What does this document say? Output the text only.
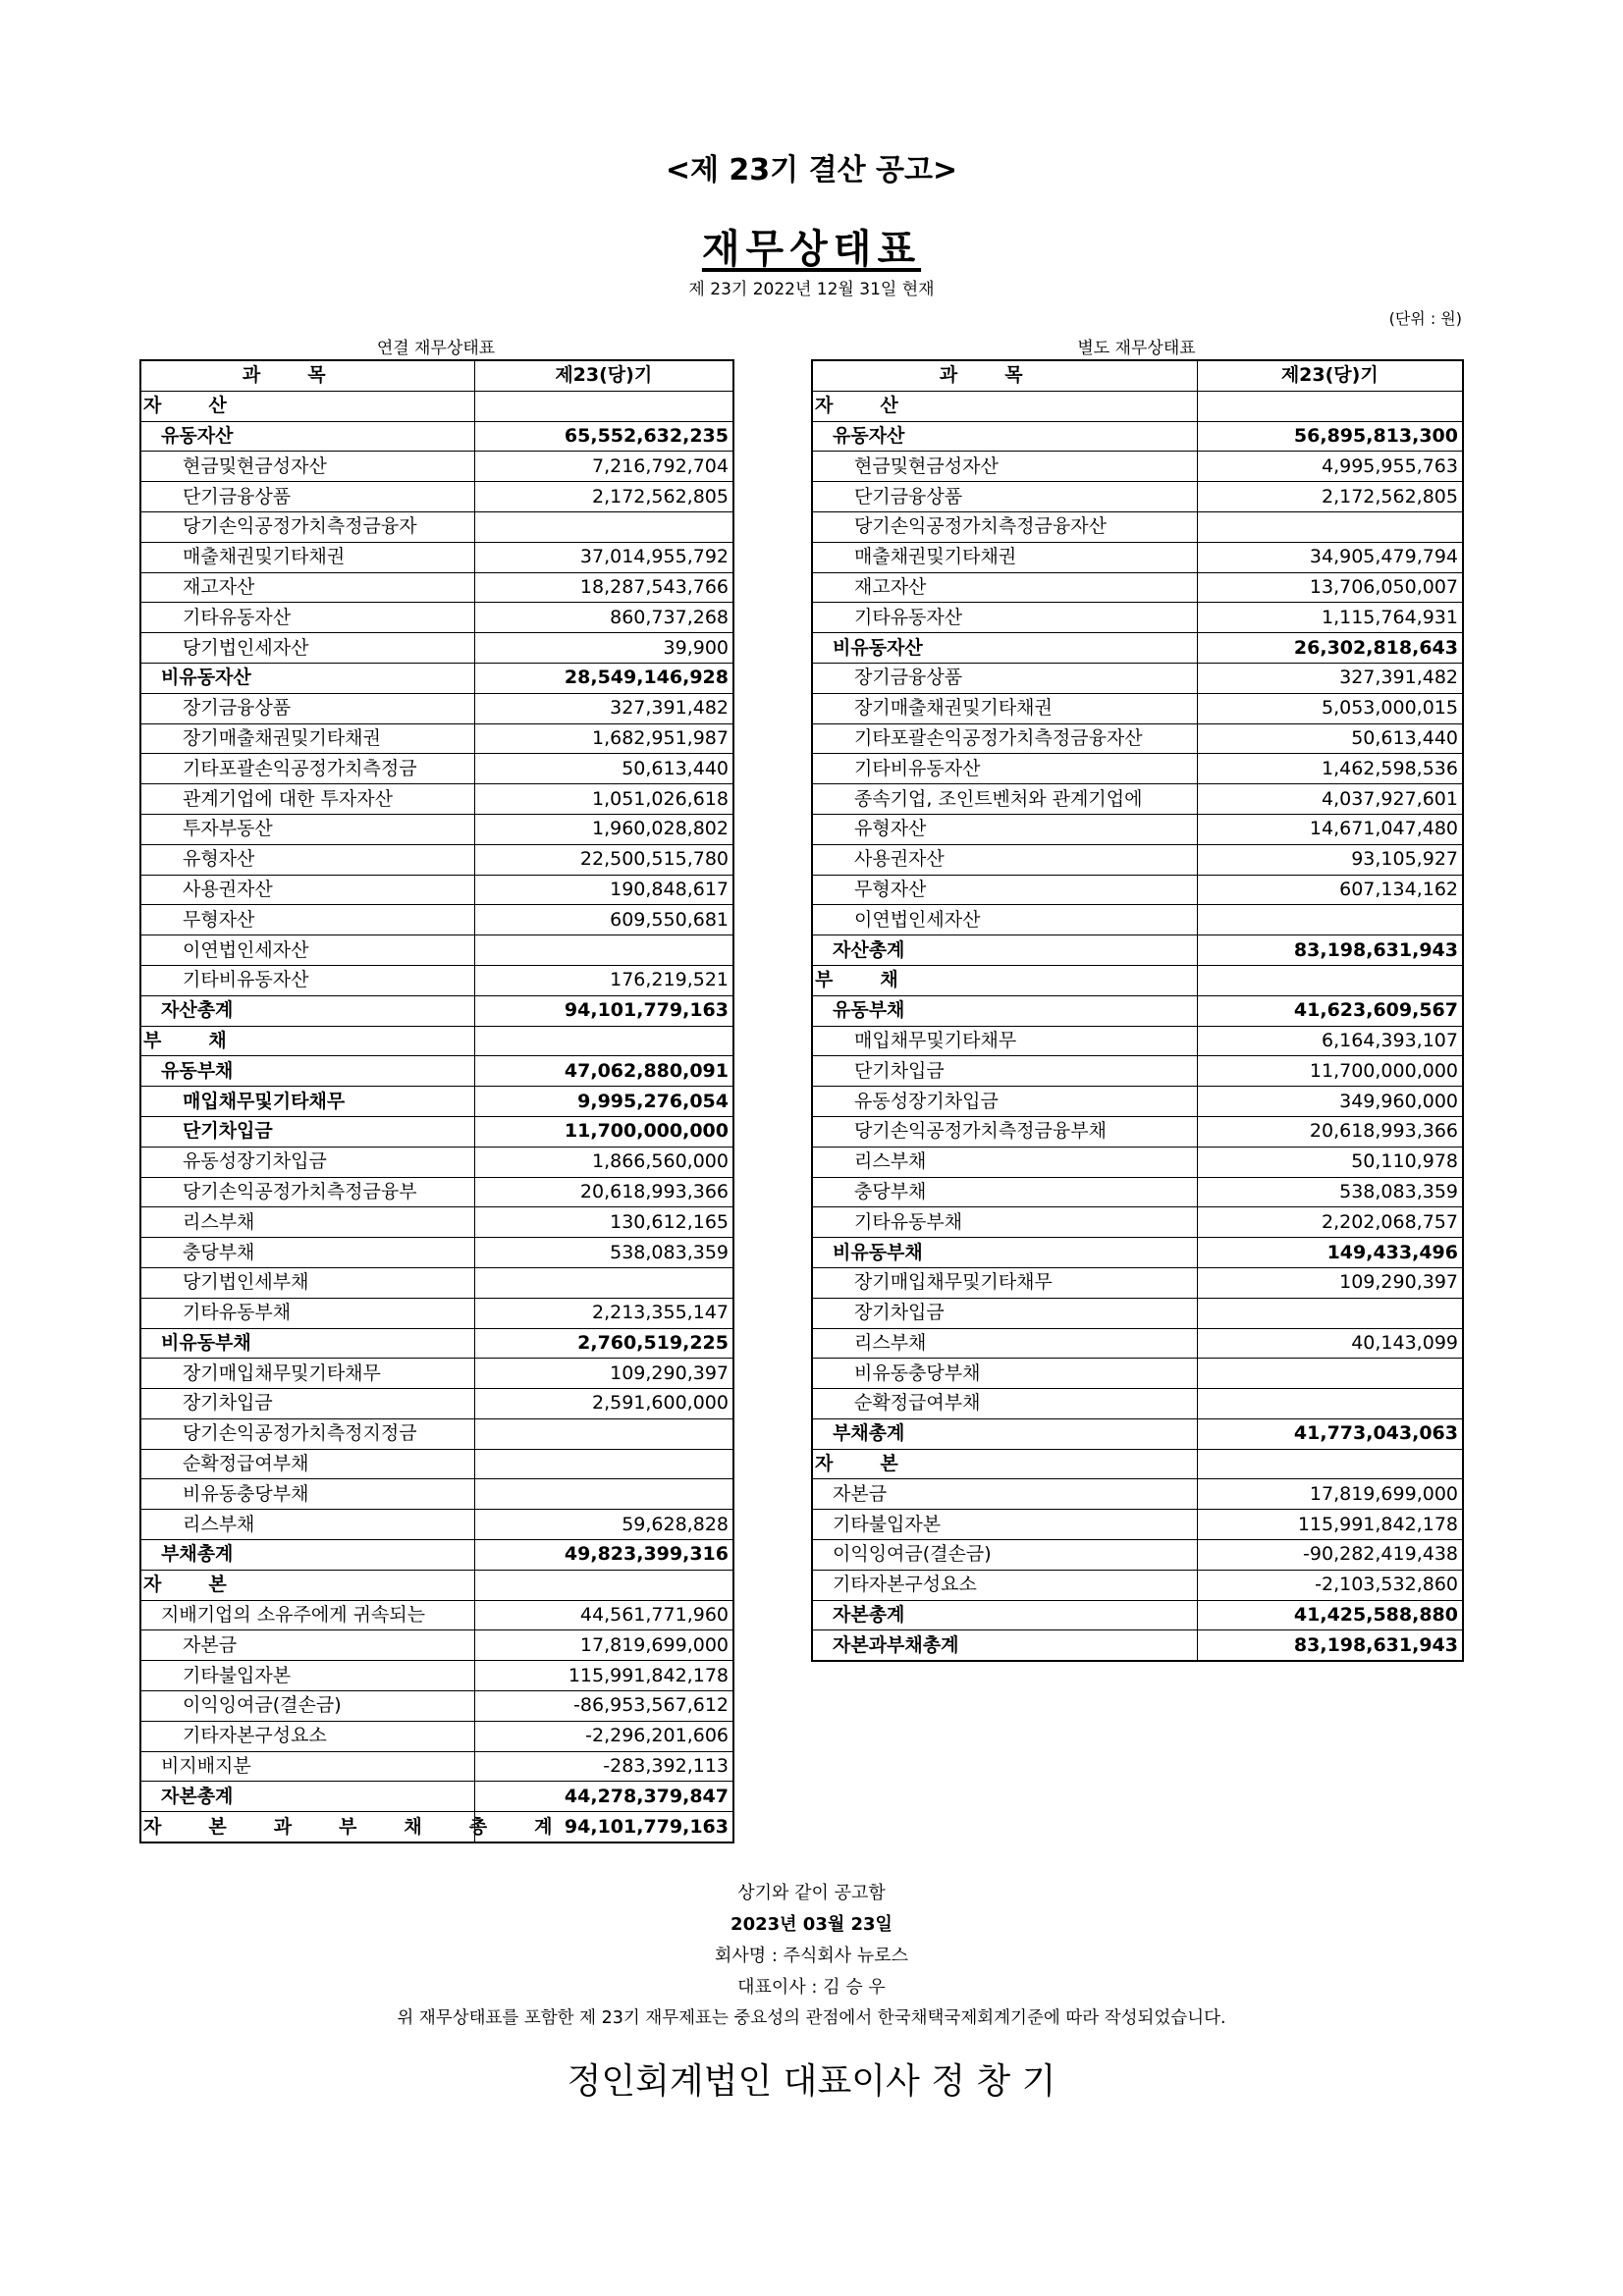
<제 23기 결산 공고>
재무상태표
제 23기 2022년 12월 31일 현재
(단위 : 원)
연결 재무상태표	별도 재무상태표
과목	제23(당)기
자산	
유동자산	65,552,632,235
현금및현금성자산	7,216,792,704
단기금융상품	2,172,562,805
당기손익공정가치측정금융자	
매출채권및기타채권	37,014,955,792
재고자산	18,287,543,766
기타유동자산	860,737,268
당기법인세자산	39,900
비유동자산	28,549,146,928
장기금융상품	327,391,482
장기매출채권및기타채권	1,682,951,987
기타포괄손익공정가치측정금	50,613,440
관계기업에 대한 투자자산	1,051,026,618
투자부동산	1,960,028,802
유형자산	22,500,515,780
사용권자산	190,848,617
무형자산	609,550,681
이연법인세자산	
기타비유동자산	176,219,521
자산총계	94,101,779,163
부채	
유동부채	47,062,880,091
매입채무및기타채무	9,995,276,054
단기차입금	11,700,000,000
유동성장기차입금	1,866,560,000
당기손익공정가치측정금융부	20,618,993,366
리스부채	130,612,165
충당부채	538,083,359
당기법인세부채	
기타유동부채	2,213,355,147
비유동부채	2,760,519,225
장기매입채무및기타채무	109,290,397
장기차입금	2,591,600,000
당기손익공정가치측정지정금	
순확정급여부채	
비유동충당부채	
리스부채	59,628,828
부채총계	49,823,399,316
자본	
지배기업의 소유주에게 귀속되는	44,561,771,960
자본금	17,819,699,000
기타불입자본	115,991,842,178
이익잉여금(결손금)	-86,953,567,612
기타자본구성요소	-2,296,201,606
비지배지분	-283,392,113
자본총계	44,278,379,847
자본과부채총계	94,101,779,163
과목	제23(당)기
자산	
유동자산	56,895,813,300
현금및현금성자산	4,995,955,763
단기금융상품	2,172,562,805
당기손익공정가치측정금융자산	
매출채권및기타채권	34,905,479,794
재고자산	13,706,050,007
기타유동자산	1,115,764,931
비유동자산	26,302,818,643
장기금융상품	327,391,482
장기매출채권및기타채권	5,053,000,015
기타포괄손익공정가치측정금융자산	50,613,440
기타비유동자산	1,462,598,536
종속기업, 조인트벤처와 관계기업에	4,037,927,601
유형자산	14,671,047,480
사용권자산	93,105,927
무형자산	607,134,162
이연법인세자산	
자산총계	83,198,631,943
부채	
유동부채	41,623,609,567
매입채무및기타채무	6,164,393,107
단기차입금	11,700,000,000
유동성장기차입금	349,960,000
당기손익공정가치측정금융부채	20,618,993,366
리스부채	50,110,978
충당부채	538,083,359
기타유동부채	2,202,068,757
비유동부채	149,433,496
장기매입채무및기타채무	109,290,397
장기차입금	
리스부채	40,143,099
비유동충당부채	
순확정급여부채	
부채총계	41,773,043,063
자본	
자본금	17,819,699,000
기타불입자본	115,991,842,178
이익잉여금(결손금)	-90,282,419,438
기타자본구성요소	-2,103,532,860
자본총계	41,425,588,880
자본과부채총계	83,198,631,943
상기와 같이 공고함
2023년 03월 23일
회사명 : 주식회사 뉴로스
대표이사 : 김 승 우
위 재무상태표를 포함한 제 23기 재무제표는 중요성의 관점에서 한국채택국제회계기준에 따라 작성되었습니다.
정인회계법인 대표이사 정 창 기
